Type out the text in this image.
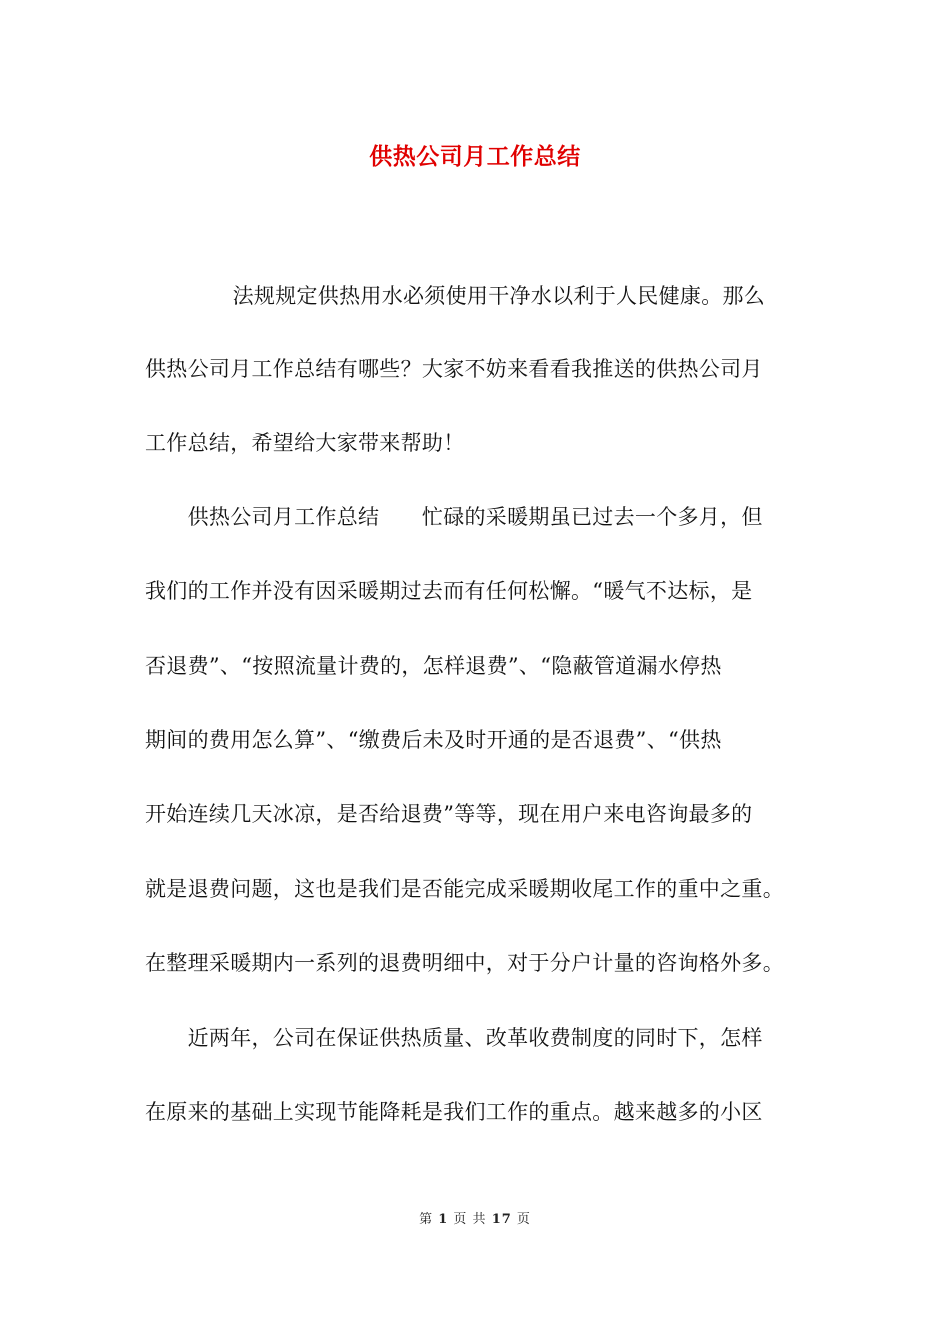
供热公司月工作总结
　　法规规定供热用水必须使用干净水以利于人民健康。那么
供热公司月工作总结有哪些？大家不妨来看看我推送的供热公司月
工作总结，希望给大家带来帮助！
　　供热公司月工作总结　　忙碌的采暖期虽已过去一个多月，但
我们的工作并没有因采暖期过去而有任何松懈。“暖气不达标，是
否退费”、“按照流量计费的，怎样退费”、“隐蔽管道漏水停热
期间的费用怎么算”、“缴费后未及时开通的是否退费”、“供热
开始连续几天冰凉，是否给退费”等等，现在用户来电咨询最多的
就是退费问题，这也是我们是否能完成采暖期收尾工作的重中之重。
在整理采暖期内一系列的退费明细中，对于分户计量的咨询格外多。
　　近两年，公司在保证供热质量、改革收费制度的同时下，怎样
在原来的基础上实现节能降耗是我们工作的重点。越来越多的小区
第 1 页 共 17 页
